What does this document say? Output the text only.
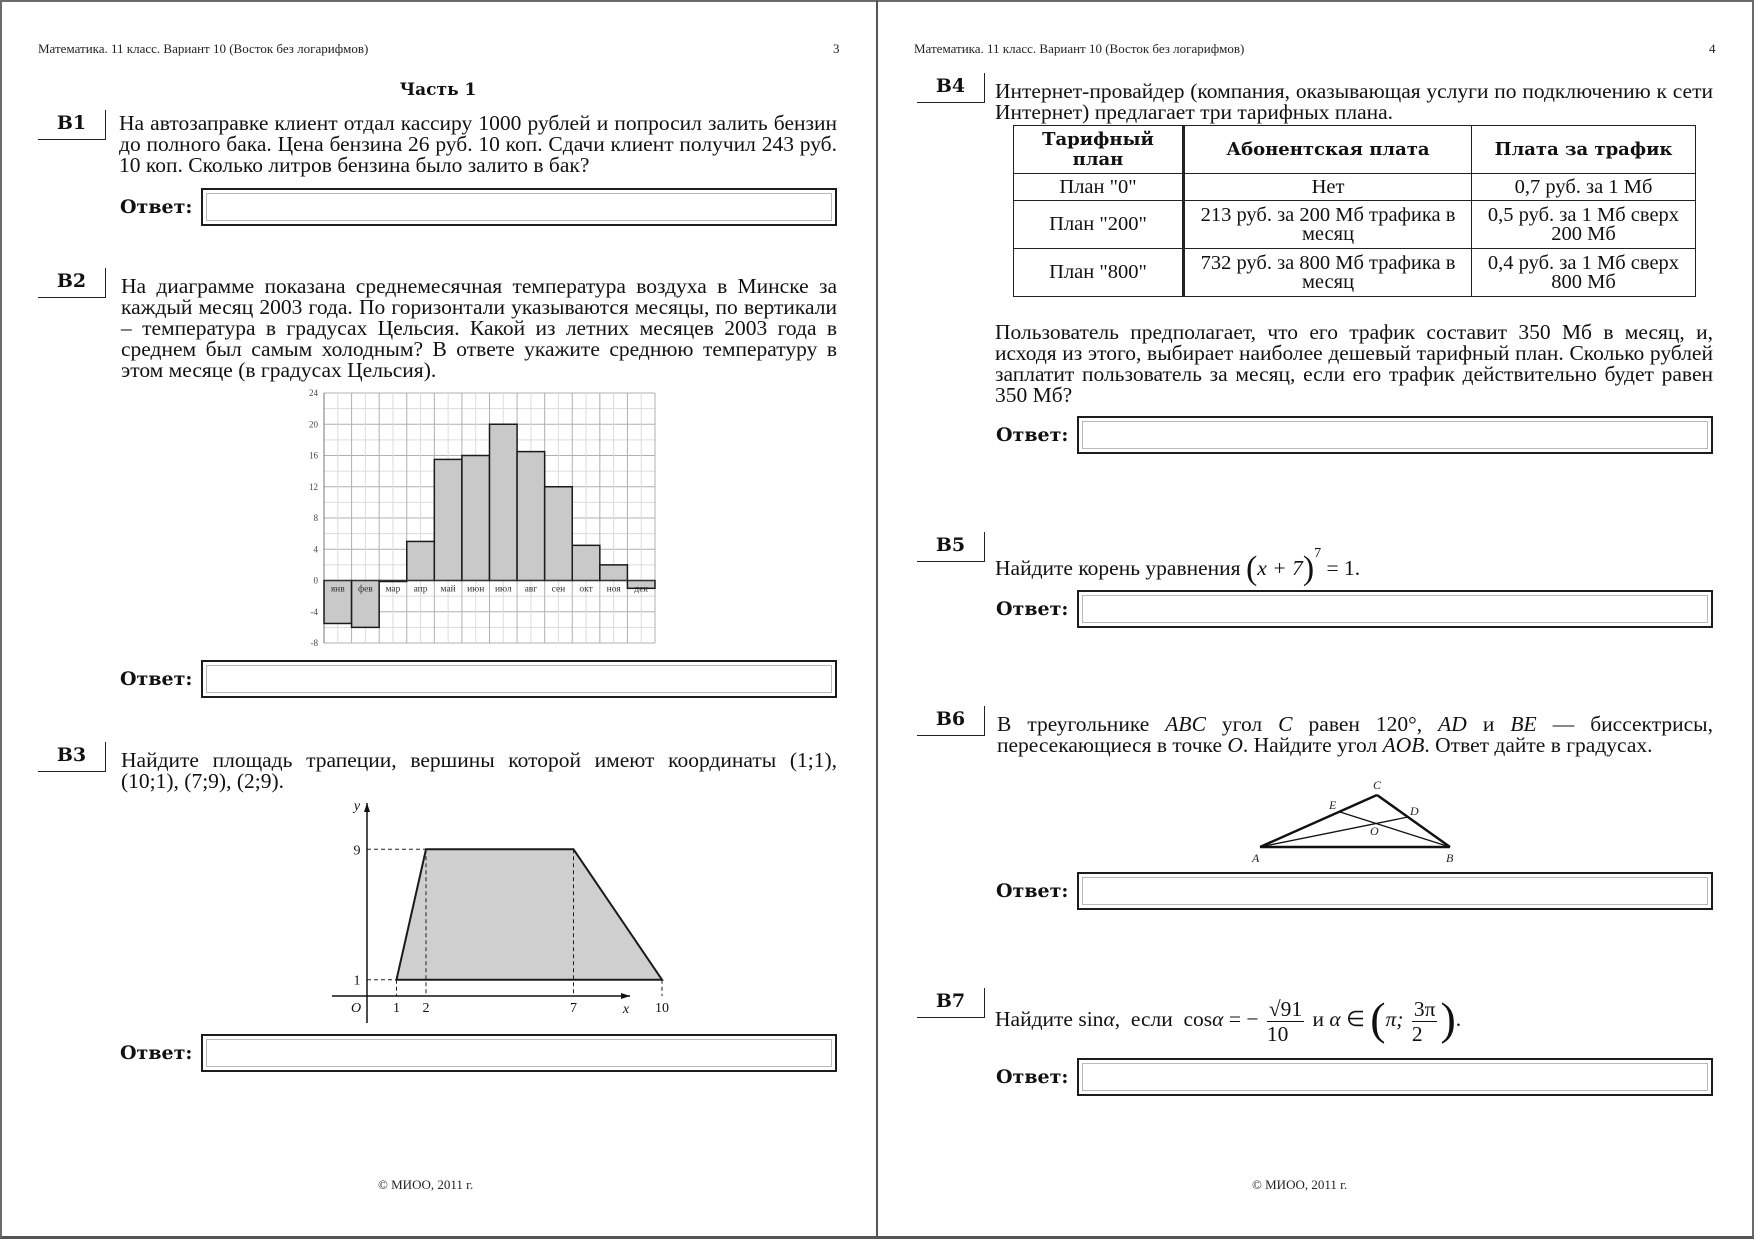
Математика. 11 класс. Вариант 10 (Восток без логарифмов)	3
Часть 1
B1	На автозаправке клиент отдал кассиру 1000 рублей и попросил залить бензин до полного бака. Цена бензина 26 руб. 10 коп. Сдачи клиент получил 243 руб. 10 коп. Сколько литров бензина было залито в бак?
Ответ:
B2	На диаграмме показана среднемесячная температура воздуха в Минске за каждый месяц 2003 года. По горизонтали указываются месяцы, по вертикали – температура в градусах Цельсия. Какой из летних месяцев 2003 года в среднем был самым холодным? В ответе укажите среднюю температуру в этом месяце (в градусах Цельсия).
24
20
16
12
8
4
0
-4
-8
янв фев мар апр май июн июл авг сен окт ноя дек
Ответ:
B3	Найдите площадь трапеции, вершины которой имеют координаты (1;1), (10;1), (7;9), (2;9).
y
x
O 1 2	7	10
1
9
Ответ:
© МИОО, 2011 г.
Математика. 11 класс. Вариант 10 (Восток без логарифмов)	4
B4	Интернет-провайдер (компания, оказывающая услуги по подключению к сети Интернет) предлагает три тарифных плана.
Тарифный план	Абонентская плата	Плата за трафик
План "0"	Нет	0,7 руб. за 1 Мб
План "200"	213 руб. за 200 Мб трафика в месяц	0,5 руб. за 1 Мб сверх 200 Мб
План "800"	732 руб. за 800 Мб трафика в месяц	0,4 руб. за 1 Мб сверх 800 Мб
Пользователь предполагает, что его трафик составит 350 Мб в месяц, и, исходя из этого, выбирает наиболее дешевый тарифный план. Сколько рублей заплатит пользователь за месяц, если его трафик действительно будет равен 350 Мб?
Ответ:
B5
Найдите корень уравнения $(x + 7)^7 = 1$.
Ответ:
B6	В треугольнике ABC угол C равен 120°, AD и BE — биссектрисы, пересекающиеся в точке O. Найдите угол AOB. Ответ дайте в градусах.
A	B
C
D
E
O
Ответ:
B7
Найдите sinα,  если cosα = − $\frac{√91}{10}$ и α ∈ (π; $\frac{3\pi}{2}$ ).
Ответ:
© МИОО, 2011 г.
